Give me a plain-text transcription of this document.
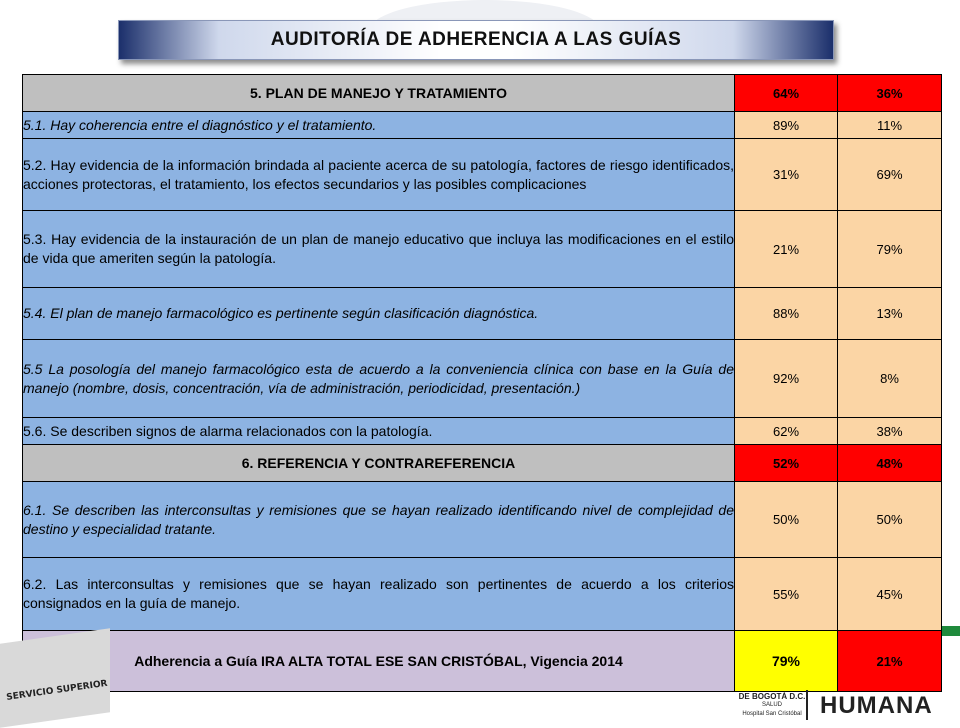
AUDITORÍA DE ADHERENCIA A LAS GUÍAS
5. PLAN DE MANEJO Y TRATAMIENTO	64%	36%
5.1. Hay coherencia entre el diagnóstico y el tratamiento.	89%	11%
5.2. Hay evidencia de la información brindada al paciente acerca de su patología, factores de riesgo identificados, acciones protectoras, el tratamiento, los efectos secundarios y las posibles complicaciones	31%	69%
5.3. Hay evidencia de la instauración de un plan de manejo educativo que incluya las modificaciones en el estilo de vida que ameriten según la patología.	21%	79%
5.4. El plan de manejo farmacológico es pertinente según clasificación diagnóstica.	88%	13%
5.5 La posología del manejo farmacológico esta de acuerdo a la conveniencia clínica con base en la Guía de manejo (nombre, dosis, concentración, vía de administración, periodicidad, presentación.)	92%	8%
5.6. Se describen signos de alarma relacionados con la patología.	62%	38%
6. REFERENCIA Y CONTRAREFERENCIA	52%	48%
6.1. Se describen las interconsultas y remisiones que se hayan realizado identificando nivel de complejidad de destino y especialidad tratante.	50%	50%
6.2. Las interconsultas y remisiones que se hayan realizado son pertinentes de acuerdo a los criterios consignados en la guía de manejo.	55%	45%
Adherencia a Guía IRA ALTA TOTAL ESE SAN CRISTÓBAL, Vigencia 2014	79%	21%
SERVICIO SUPERIOR	DE BOGOTÁ D.C.
SALUD
Hospital San Cristóbal HUMANA
